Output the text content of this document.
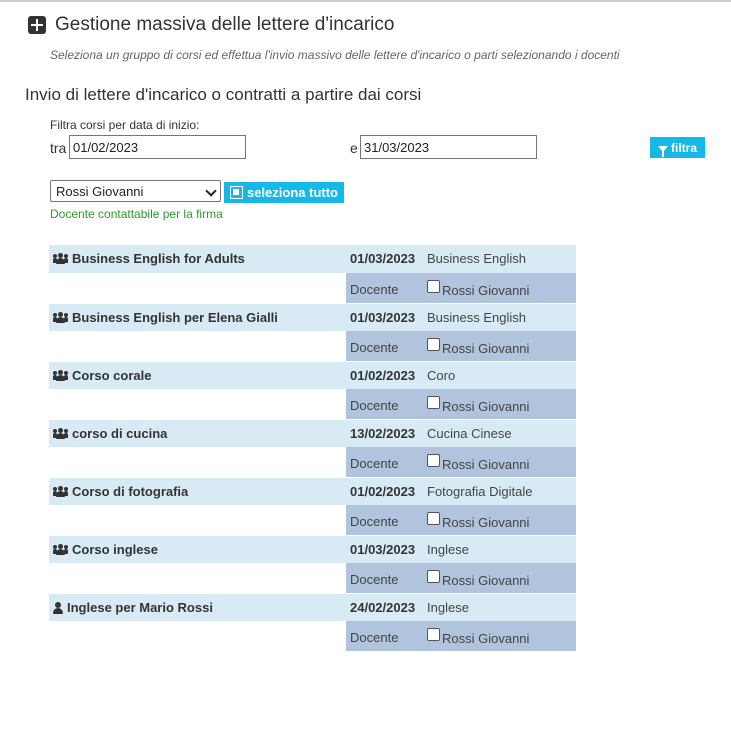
Gestione massiva delle lettere d'incarico
Seleziona un gruppo di corsi ed effettua l'invio massivo delle lettere d'incarico o parti selezionando i docenti
Invio di lettere d'incarico o contratti a partire dai corsi
Filtra corsi per data di inizio:
tra
01/02/2023	e
31/03/2023	filtra
Rossi Giovanni	seleziona tutto
Docente contattabile per la firma
Business English for Adults	01/03/2023 Business English
Docente	Rossi Giovanni
Business English per Elena Gialli	01/03/2023 Business English
Docente	Rossi Giovanni
Corso corale	01/02/2023 Coro
Docente	Rossi Giovanni
corso di cucina	13/02/2023 Cucina Cinese
Docente	Rossi Giovanni
Corso di fotografia	01/02/2023 Fotografia Digitale
Docente	Rossi Giovanni
Corso inglese	01/03/2023 Inglese
Docente	Rossi Giovanni
Inglese per Mario Rossi	24/02/2023 Inglese
Docente	Rossi Giovanni
